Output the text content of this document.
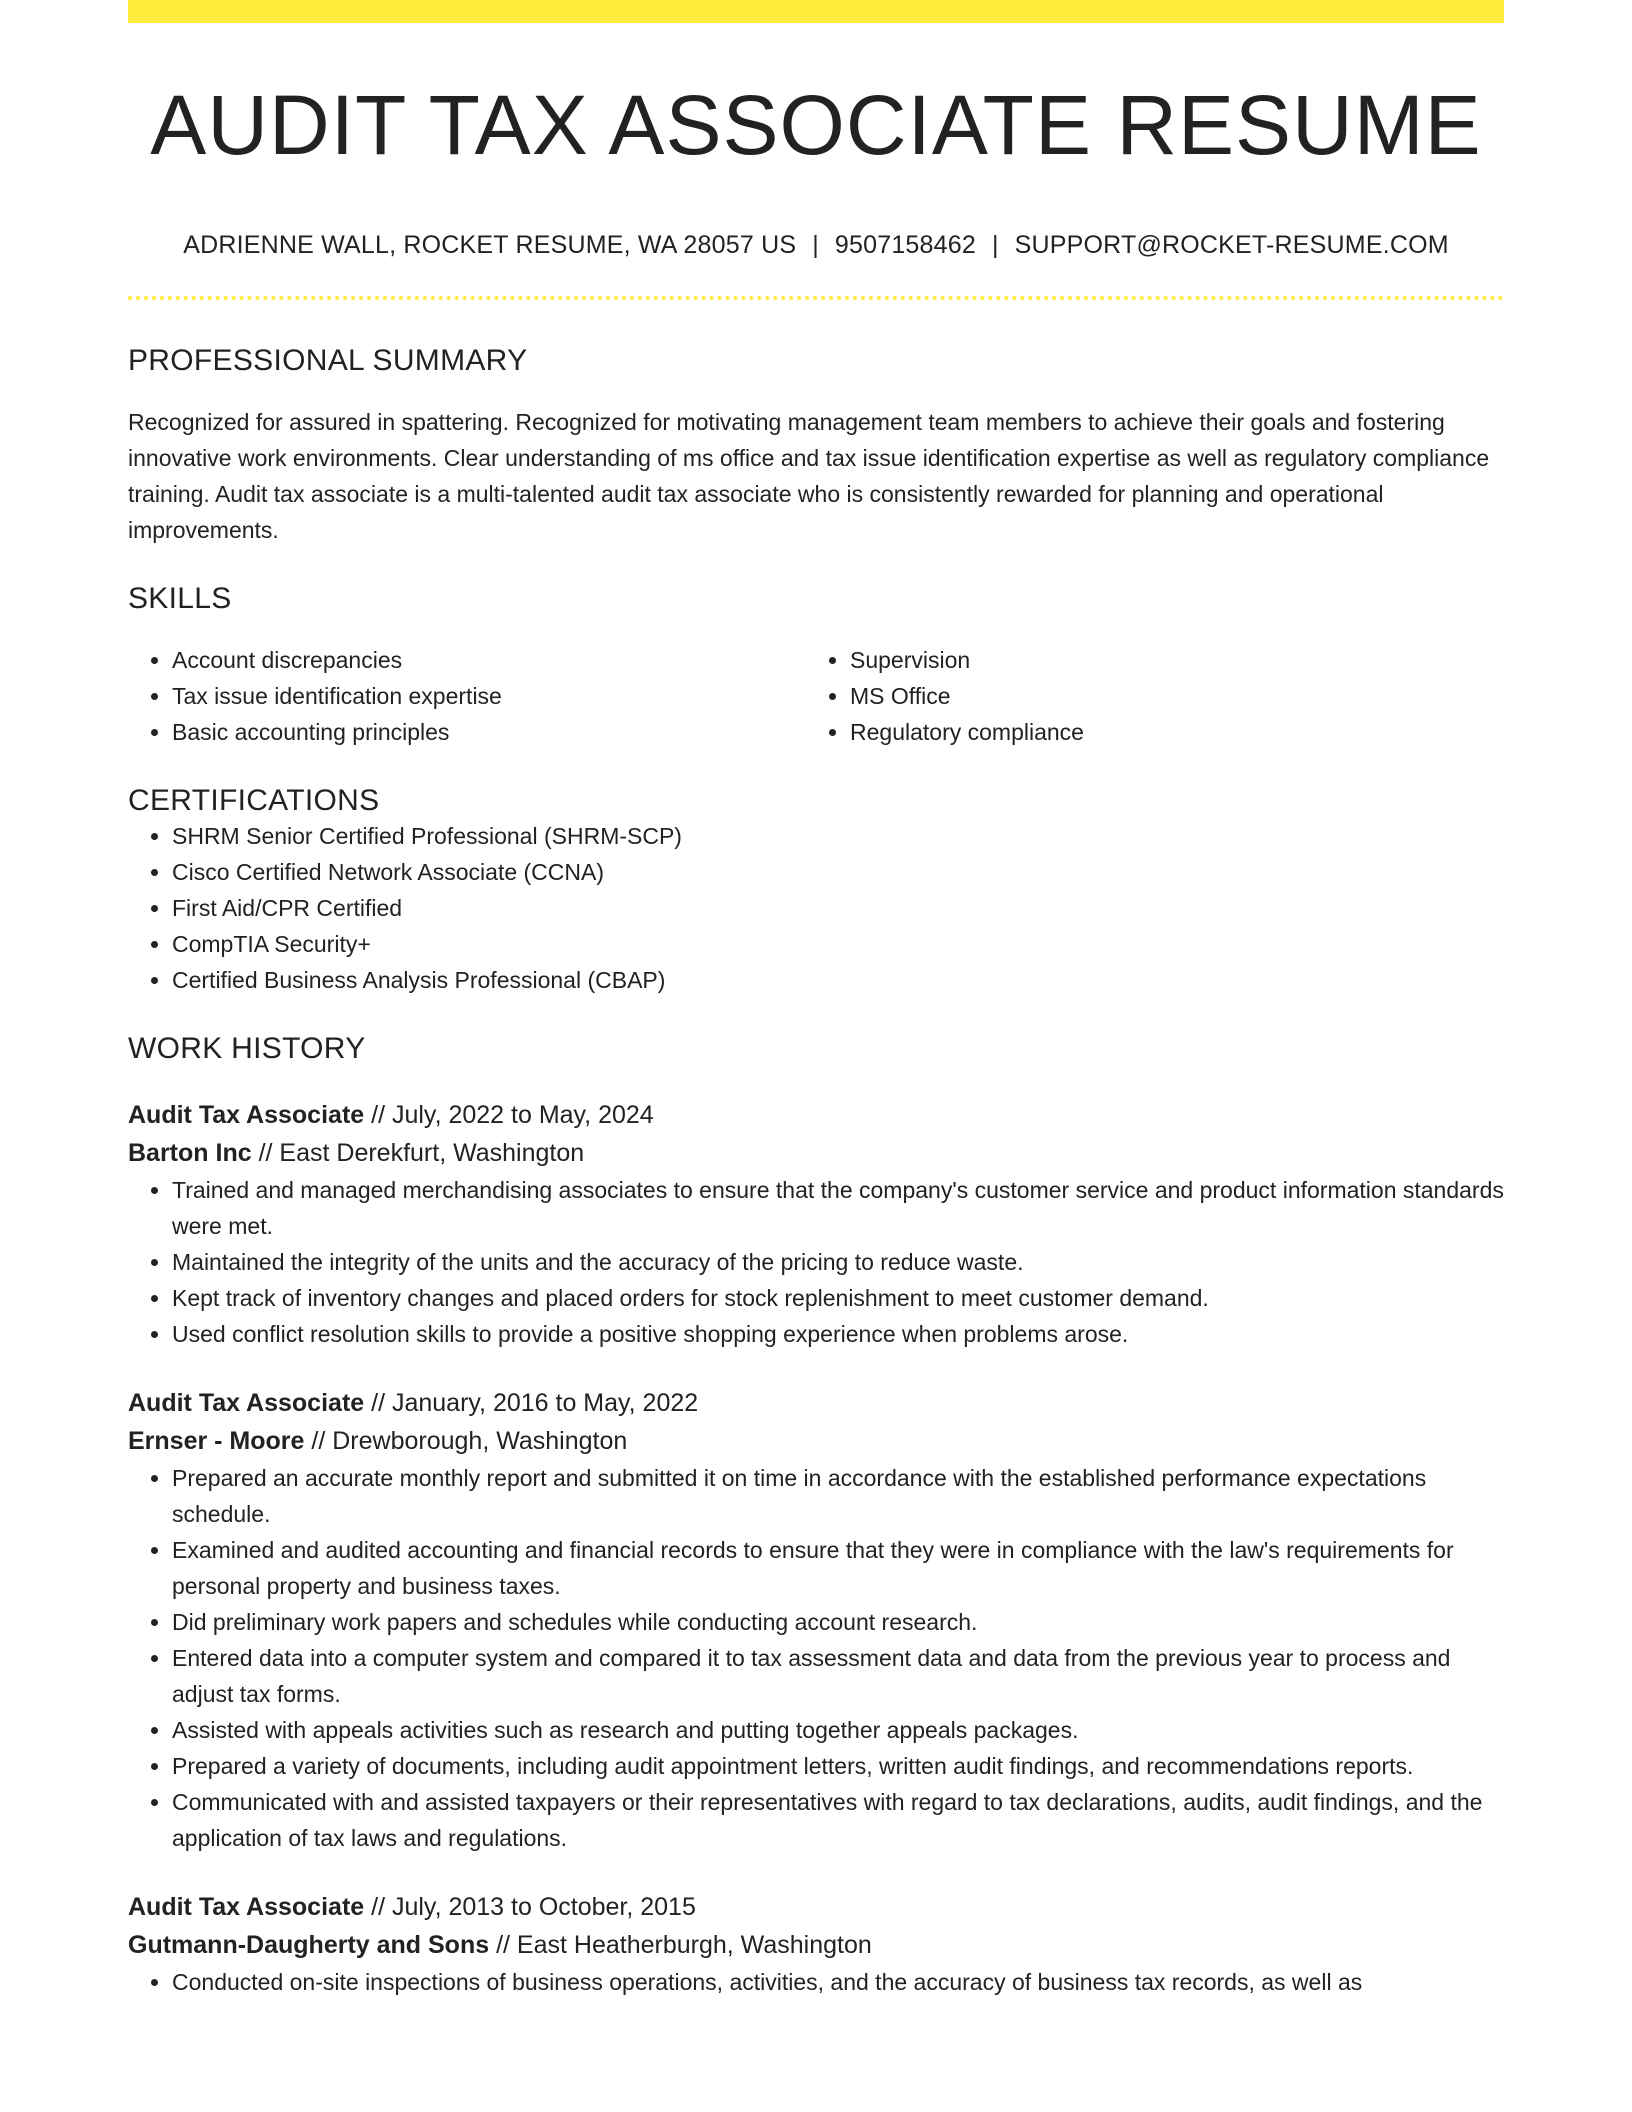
AUDIT TAX ASSOCIATE RESUME
ADRIENNE WALL, ROCKET RESUME, WA 28057 US | 9507158462 | SUPPORT@ROCKET-RESUME.COM
PROFESSIONAL SUMMARY
Recognized for assured in spattering. Recognized for motivating management team members to achieve their goals and fostering innovative work environments. Clear understanding of ms office and tax issue identification expertise as well as regulatory compliance training. Audit tax associate is a multi-talented audit tax associate who is consistently rewarded for planning and operational improvements.
SKILLS
• Account discrepancies
• Tax issue identification expertise
• Basic accounting principles
• Supervision
• MS Office
• Regulatory compliance
CERTIFICATIONS
• SHRM Senior Certified Professional (SHRM-SCP)
• Cisco Certified Network Associate (CCNA)
• First Aid/CPR Certified
• CompTIA Security+
• Certified Business Analysis Professional (CBAP)
WORK HISTORY
Audit Tax Associate // July, 2022 to May, 2024
Barton Inc // East Derekfurt, Washington
• Trained and managed merchandising associates to ensure that the company's customer service and product information standards were met.
• Maintained the integrity of the units and the accuracy of the pricing to reduce waste.
• Kept track of inventory changes and placed orders for stock replenishment to meet customer demand.
• Used conflict resolution skills to provide a positive shopping experience when problems arose.
Audit Tax Associate // January, 2016 to May, 2022
Ernser - Moore // Drewborough, Washington
• Prepared an accurate monthly report and submitted it on time in accordance with the established performance expectations schedule.
• Examined and audited accounting and financial records to ensure that they were in compliance with the law's requirements for personal property and business taxes.
• Did preliminary work papers and schedules while conducting account research.
• Entered data into a computer system and compared it to tax assessment data and data from the previous year to process and adjust tax forms.
• Assisted with appeals activities such as research and putting together appeals packages.
• Prepared a variety of documents, including audit appointment letters, written audit findings, and recommendations reports.
• Communicated with and assisted taxpayers or their representatives with regard to tax declarations, audits, audit findings, and the application of tax laws and regulations.
Audit Tax Associate // July, 2013 to October, 2015
Gutmann-Daugherty and Sons // East Heatherburgh, Washington
• Conducted on-site inspections of business operations, activities, and the accuracy of business tax records, as well as
